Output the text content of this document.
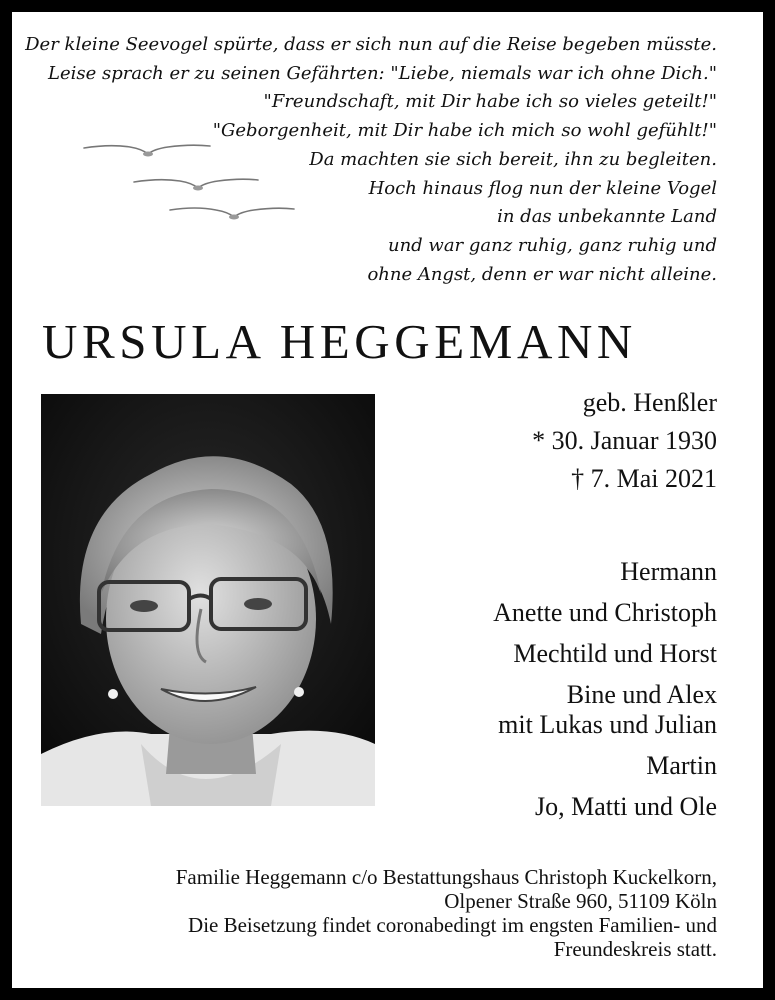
Der kleine Seevogel spürte, dass er sich nun auf die Reise begeben müsste.
Leise sprach er zu seinen Gefährten: "Liebe, niemals war ich ohne Dich."
"Freundschaft, mit Dir habe ich so vieles geteilt!"
"Geborgenheit, mit Dir habe ich mich so wohl gefühlt!"
Da machten sie sich bereit, ihn zu begleiten.
Hoch hinaus flog nun der kleine Vogel
in das unbekannte Land
und war ganz ruhig, ganz ruhig und
ohne Angst, denn er war nicht alleine.
URSULA HEGGEMANN
geb. Henßler
* 30. Januar 1930
† 7. Mai 2021
Hermann
Anette und Christoph
Mechtild und Horst
Bine und Alex
mit Lukas und Julian
Martin
Jo, Matti und Ole
Familie Heggemann c/o Bestattungshaus Christoph Kuckelkorn,
Olpener Straße 960, 51109 Köln
Die Beisetzung findet coronabedingt im engsten Familien- und
Freundeskreis statt.
